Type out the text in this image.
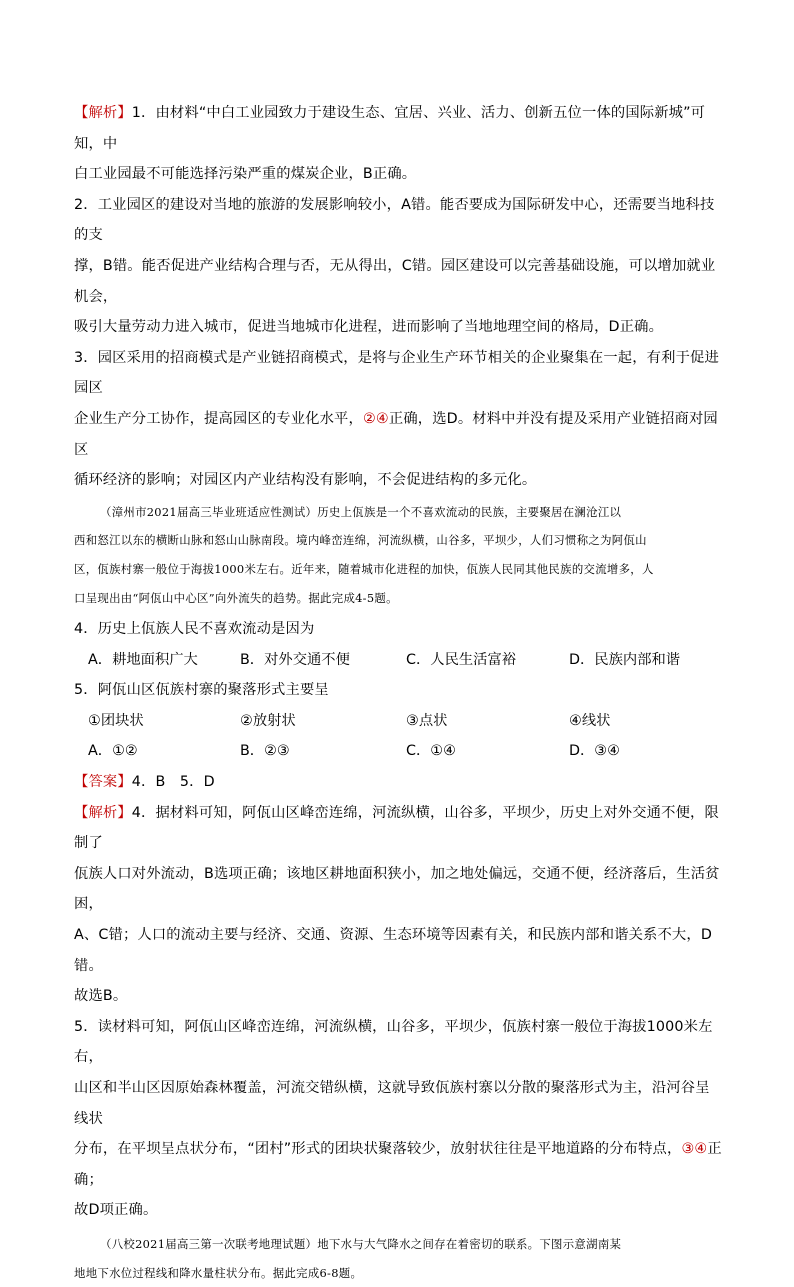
【解析】1．由材料“中白工业园致力于建设生态、宜居、兴业、活力、创新五位一体的国际新城”可知，中

白工业园最不可能选择污染严重的煤炭企业，B正确。

2．工业园区的建设对当地的旅游的发展影响较小，A错。能否要成为国际研发中心，还需要当地科技的支

撑，B错。能否促进产业结构合理与否，无从得出，C错。园区建设可以完善基础设施，可以增加就业机会，

吸引大量劳动力进入城市，促进当地城市化进程，进而影响了当地地理空间的格局，D正确。

3．园区采用的招商模式是产业链招商模式，是将与企业生产环节相关的企业聚集在一起，有利于促进园区

企业生产分工协作，提高园区的专业化水平，②④正确，选D。材料中并没有提及采用产业链招商对园区

循环经济的影响；对园区内产业结构没有影响，不会促进结构的多元化。

（漳州市2021届高三毕业班适应性测试）历史上佤族是一个不喜欢流动的民族，主要聚居在澜沧江以

西和怒江以东的横断山脉和怒山山脉南段。境内峰峦连绵，河流纵横，山谷多，平坝少，人们习惯称之为阿佤山

区，佤族村寨一般位于海拔1000米左右。近年来，随着城市化进程的加快，佤族人民同其他民族的交流增多，人

口呈现出由“阿佤山中心区”向外流失的趋势。据此完成4-5题。

4．历史上佤族人民不喜欢流动是因为

A．耕地面积广大	B．对外交通不便	C．人民生活富裕	D．民族内部和谐

5．阿佤山区佤族村寨的聚落形式主要呈

①团块状	②放射状	③点状	④线状
A．①②	B．②③	C．①④	D．③④

【答案】4．B　5．D

【解析】4．据材料可知，阿佤山区峰峦连绵，河流纵横，山谷多，平坝少，历史上对外交通不便，限制了

佤族人口对外流动，B选项正确；该地区耕地面积狭小，加之地处偏远，交通不便，经济落后，生活贫困，

A、C错；人口的流动主要与经济、交通、资源、生态环境等因素有关，和民族内部和谐关系不大，D错。

故选B。

5．读材料可知，阿佤山区峰峦连绵，河流纵横，山谷多，平坝少，佤族村寨一般位于海拔1000米左右，

山区和半山区因原始森林覆盖，河流交错纵横，这就导致佤族村寨以分散的聚落形式为主，沿河谷呈线状

分布，在平坝呈点状分布，“团村”形式的团块状聚落较少，放射状往往是平地道路的分布特点，③④正确；

故D项正确。

（八校2021届高三第一次联考地理试题）地下水与大气降水之间存在着密切的联系。下图示意湖南某

地地下水位过程线和降水量柱状分布。据此完成6-8题。
